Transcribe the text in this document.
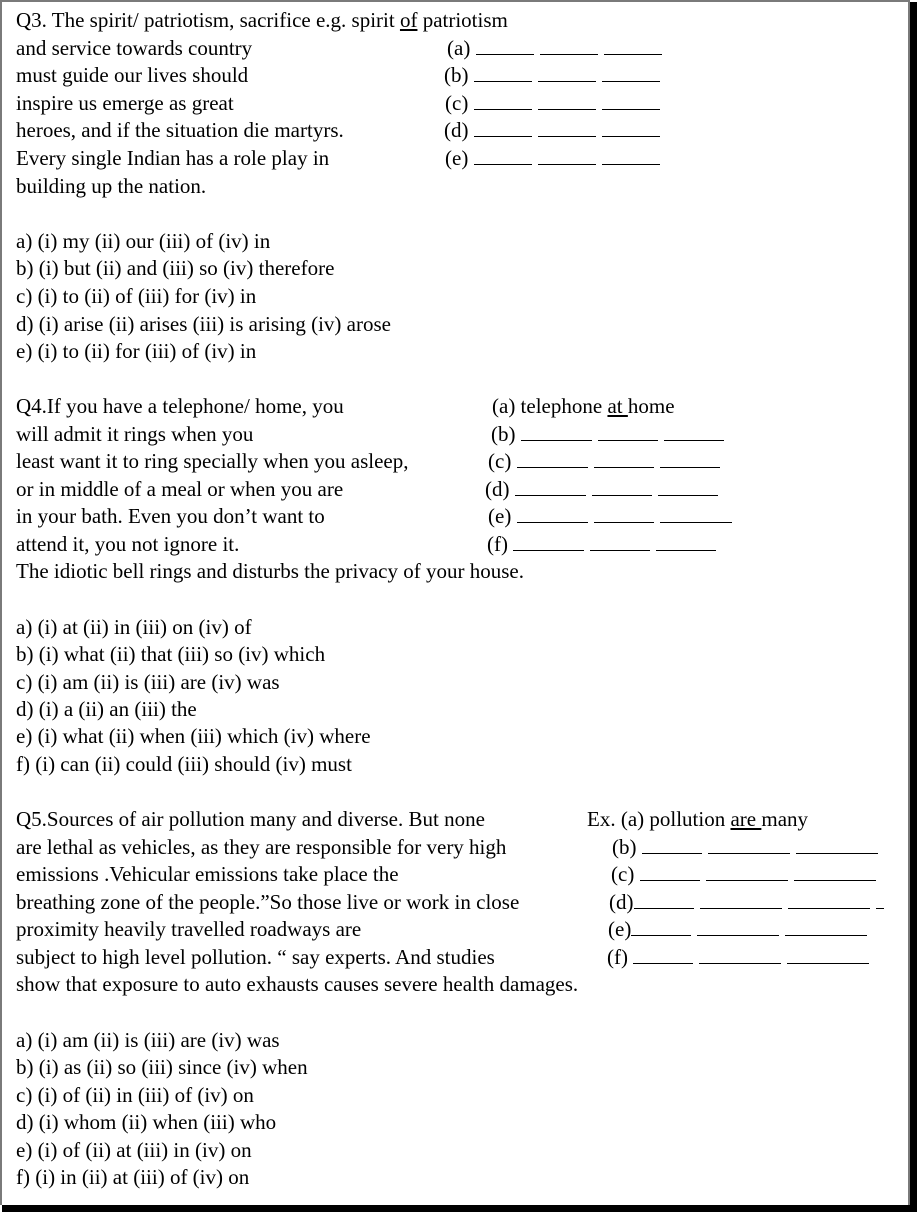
Q3. The spirit/ patriotism, sacrifice e.g. spirit of patriotism
and service towards country
must guide our lives should
inspire us emerge as great
heroes, and if the situation die martyrs.
Every single Indian has a role play in
building up the nation.
(a)
(b)
(c)
(d)
(e)
a) (i) my (ii) our (iii) of (iv) in
b) (i) but (ii) and (iii) so (iv) therefore
c) (i) to (ii) of (iii) for (iv) in
d) (i) arise (ii) arises (iii) is arising (iv) arose
e) (i) to (ii) for (iii) of (iv) in
Q4.If you have a telephone/ home, you
will admit it rings when you
least want it to ring specially when you asleep,
or in middle of a meal or when you are
in your bath. Even you don’t want to
attend it, you not ignore it.
The idiotic bell rings and disturbs the privacy of your house.
(a) telephone at home
(b)
(c)
(d)
(e)
(f)
a) (i) at (ii) in (iii) on (iv) of
b) (i) what (ii) that (iii) so (iv) which
c) (i) am (ii) is (iii) are (iv) was
d) (i) a (ii) an (iii) the
e) (i) what (ii) when (iii) which (iv) where
f) (i) can (ii) could (iii) should (iv) must
Q5.Sources of air pollution many and diverse. But none
are lethal as vehicles, as they are responsible for very high
emissions .Vehicular emissions take place the
breathing zone of the people.”So those live or work in close
proximity heavily travelled roadways are
subject to high level pollution. “ say experts. And studies
show that exposure to auto exhausts causes severe health damages.
Ex. (a) pollution are many
(b)
(c)
(d)
(e)
(f)
a) (i) am (ii) is (iii) are (iv) was
b) (i) as (ii) so (iii) since (iv) when
c) (i) of (ii) in (iii) of (iv) on
d) (i) whom (ii) when (iii) who
e) (i) of (ii) at (iii) in (iv) on
f) (i) in (ii) at (iii) of (iv) on
